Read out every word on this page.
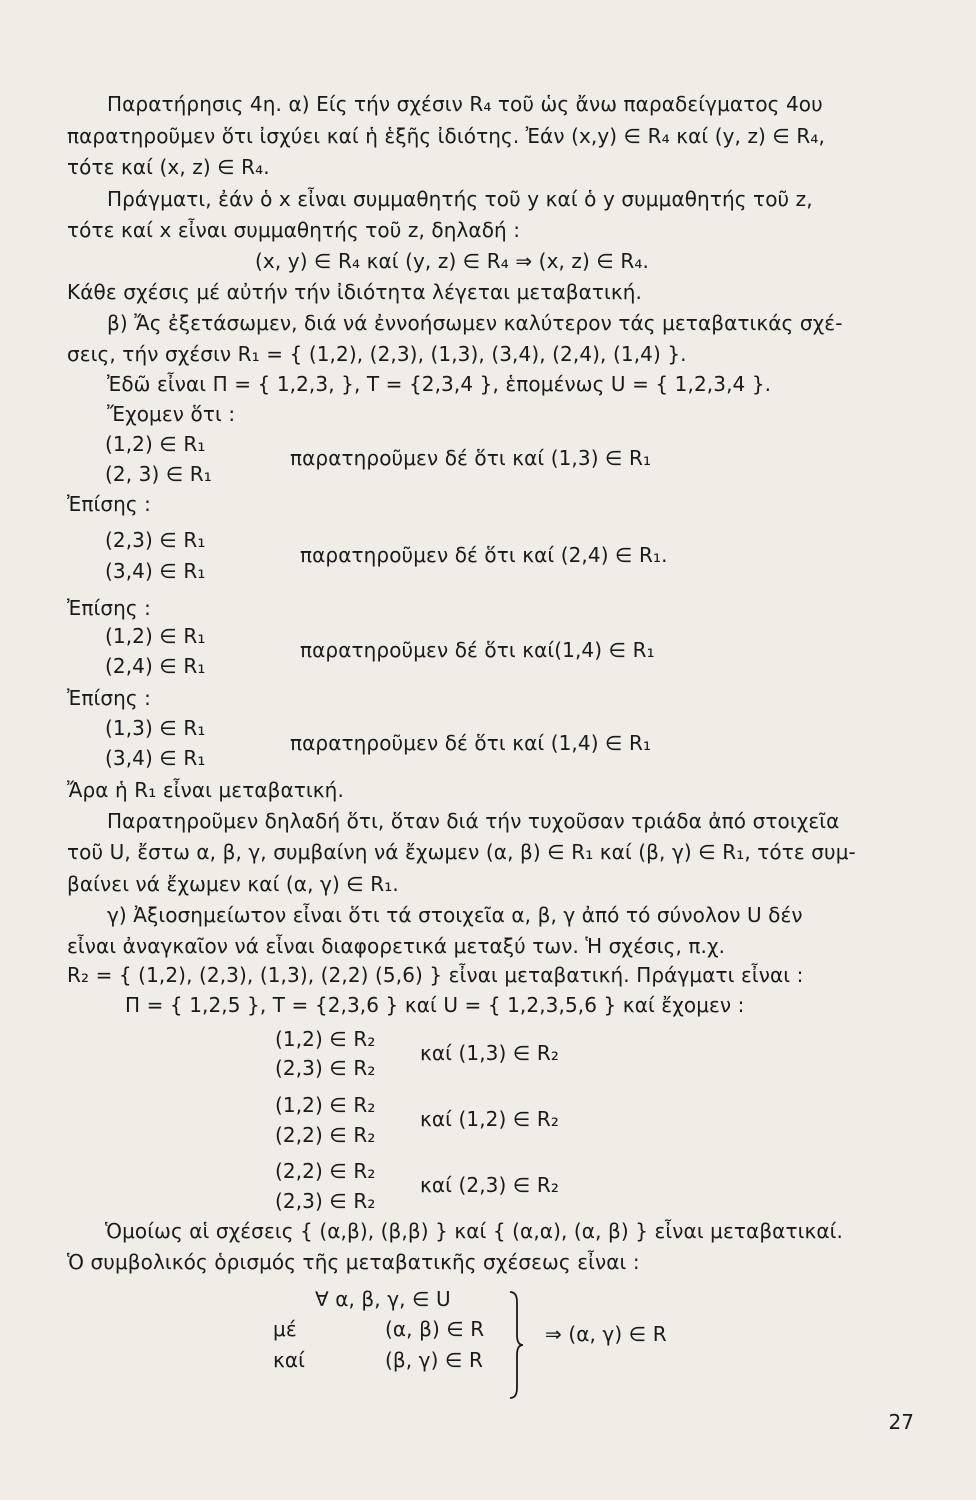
Παρατήρησις 4η. α) Είς τήν σχέσιν R₄ τοῦ ὡς ἄνω παραδείγματος 4ου
παρατηροῦμεν ὅτι ἰσχύει καί ἡ ἑξῆς ἰδιότης. Ἐάν (x,y) ∈ R₄ καί (y, z) ∈ R₄,
τότε καί (x, z) ∈ R₄.
Πράγματι, ἐάν ὁ x εἶναι συμμαθητής τοῦ y καί ὁ y συμμαθητής τοῦ z,
τότε καί x εἶναι συμμαθητής τοῦ z, δηλαδή :
(x, y) ∈ R₄ καί (y, z) ∈ R₄ ⇒ (x, z) ∈ R₄.
Κάθε σχέσις μέ αὐτήν τήν ἰδιότητα λέγεται μεταβατική.
β) Ἄς ἐξετάσωμεν, διά νά ἐννοήσωμεν καλύτερον τάς μεταβατικάς σχέ-
σεις, τήν σχέσιν R₁ = { (1,2), (2,3), (1,3), (3,4), (2,4), (1,4) }.
Ἐδῶ εἶναι Π = { 1,2,3, }, Τ = {2,3,4 }, ἑπομένως U = { 1,2,3,4 }.
Ἔχομεν ὅτι :
(1,2) ∈ R₁
παρατηροῦμεν δέ ὅτι καί (1,3) ∈ R₁
(2, 3) ∈ R₁
Ἐπίσης :
(2,3) ∈ R₁
παρατηροῦμεν δέ ὅτι καί (2,4) ∈ R₁.
(3,4) ∈ R₁
Ἐπίσης :
(1,2) ∈ R₁
παρατηροῦμεν δέ ὅτι καί(1,4) ∈ R₁
(2,4) ∈ R₁
Ἐπίσης :
(1,3) ∈ R₁
παρατηροῦμεν δέ ὅτι καί (1,4) ∈ R₁
(3,4) ∈ R₁
Ἄρα ἡ R₁ εἶναι μεταβατική.
Παρατηροῦμεν δηλαδή ὅτι, ὅταν διά τήν τυχοῦσαν τριάδα ἀπό στοιχεῖα
τοῦ U, ἔστω α, β, γ, συμβαίνη νά ἔχωμεν (α, β) ∈ R₁ καί (β, γ) ∈ R₁, τότε συμ-
βαίνει νά ἔχωμεν καί (α, γ) ∈ R₁.
γ) Ἀξιοσημείωτον εἶναι ὅτι τά στοιχεῖα α, β, γ ἀπό τό σύνολον U δέν
εἶναι ἀναγκαῖον νά εἶναι διαφορετικά μεταξύ των. Ἡ σχέσις, π.χ.
R₂ = { (1,2), (2,3), (1,3), (2,2) (5,6) } εἶναι μεταβατική. Πράγματι εἶναι :
Π = { 1,2,5 }, Τ = {2,3,6 } καί U = { 1,2,3,5,6 } καί ἔχομεν :
(1,2) ∈ R₂
καί (1,3) ∈ R₂
(2,3) ∈ R₂
(1,2) ∈ R₂
καί (1,2) ∈ R₂
(2,2) ∈ R₂
(2,2) ∈ R₂
καί (2,3) ∈ R₂
(2,3) ∈ R₂
Ὁμοίως αἱ σχέσεις { (α,β), (β,β) } καί { (α,α), (α, β) } εἶναι μεταβατικαί.
Ὁ συμβολικός ὁρισμός τῆς μεταβατικῆς σχέσεως εἶναι :
∀ α, β, γ, ∈ U
μέ	(α, β) ∈ R	⇒ (α, γ) ∈ R
καί	(β, γ) ∈ R
27
